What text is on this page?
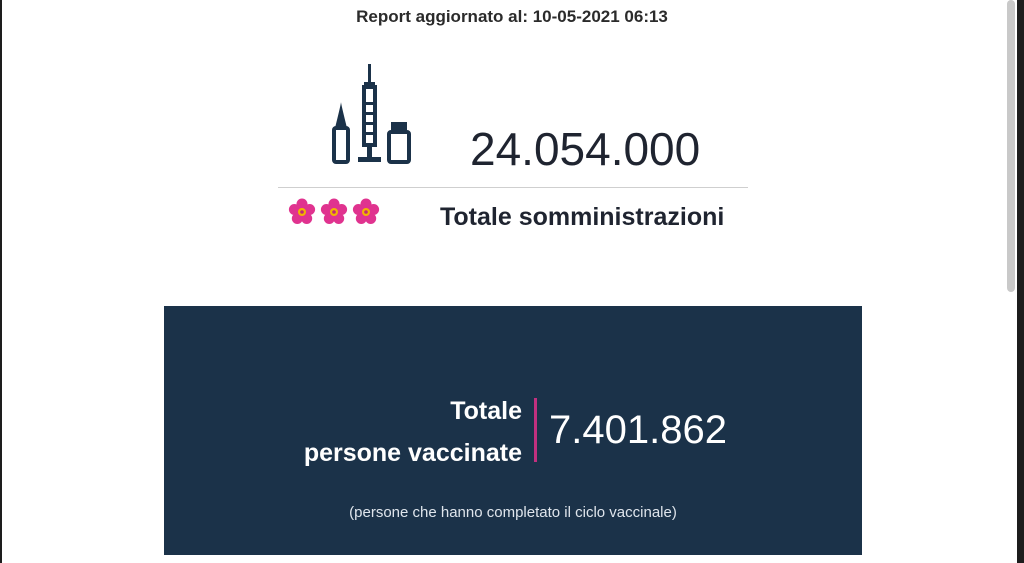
Report aggiornato al: 10-05-2021 06:13
24.054.000
Totale somministrazioni
Totale
persone vaccinate
7.401.862
(persone che hanno completato il ciclo vaccinale)
